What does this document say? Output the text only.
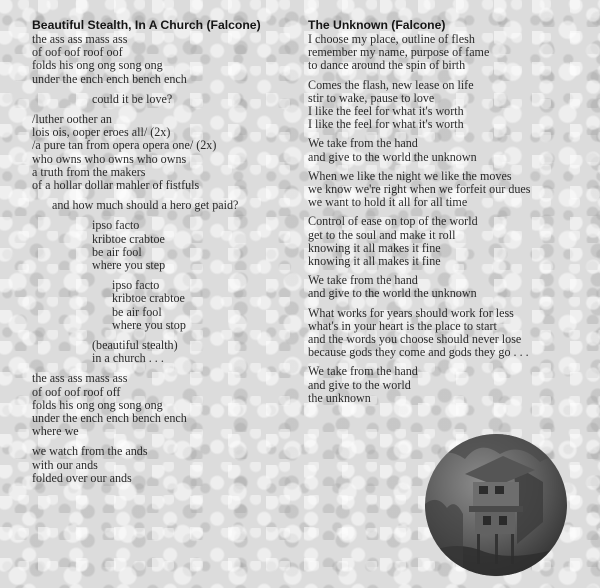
Beautiful Stealth, In A Church (Falcone)
the ass ass mass ass
of oof oof roof oof
folds his ong ong song ong
under the ench ench bench ench
could it be love?
/luther oother an
lois ois, ooper eroes all/ (2x)
/a pure tan from opera opera one/ (2x)
who owns who owns who owns
a truth from the makers
of a hollar dollar mahler of fistfuls
and how much should a hero get paid?
ipso facto
kribtoe crabtoe
be air fool
where you step
ipso facto
kribtoe crabtoe
be air fool
where you stop
(beautiful stealth)
in a church . . .
the ass ass mass ass
of oof oof roof off
folds his ong ong song ong
under the ench ench bench ench
where we
we watch from the ands
with our ands
folded over our ands
The Unknown (Falcone)
I choose my place, outline of flesh
remember my name, purpose of fame
to dance around the spin of birth
Comes the flash, new lease on life
stir to wake, pause to love
I like the feel for what it's worth
I like the feel for what it's worth
We take from the hand
and give to the world the unknown
When we like the night we like the moves
we know we're right when we forfeit our dues
we want to hold it all for all time
Control of ease on top of the world
get to the soul and make it roll
knowing it all makes it fine
knowing it all makes it fine
We take from the hand
and give to the world the unknown
What works for years should work for less
what's in your heart is the place to start
and the words you choose should never lose
because gods they come and gods they go . . .
We take from the hand
and give to the world
the unknown
